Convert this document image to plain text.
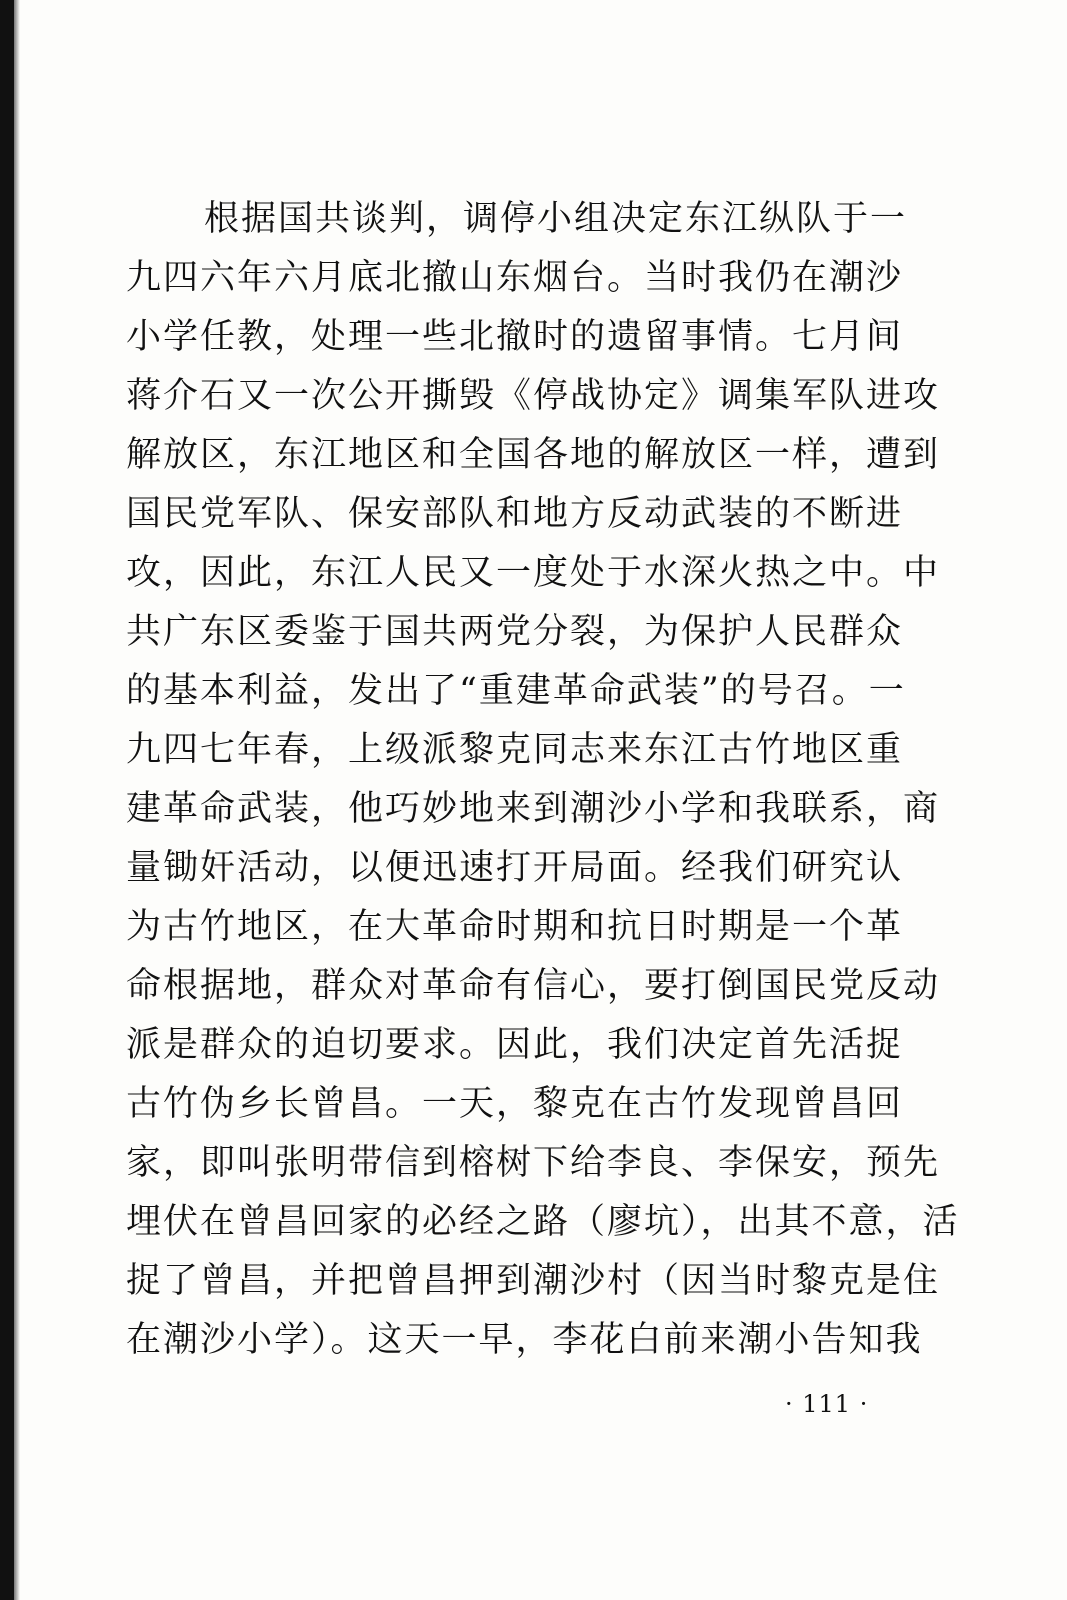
根据国共谈判，调停小组决定东江纵队于一
九四六年六月底北撤山东烟台。当时我仍在潮沙
小学任教，处理一些北撤时的遗留事情。七月间
蒋介石又一次公开撕毁《停战协定》调集军队进攻
解放区，东江地区和全国各地的解放区一样，遭到
国民党军队、保安部队和地方反动武装的不断进
攻，因此，东江人民又一度处于水深火热之中。中
共广东区委鉴于国共两党分裂，为保护人民群众
的基本利益，发出了“重建革命武装”的号召。一
九四七年春，上级派黎克同志来东江古竹地区重
建革命武装，他巧妙地来到潮沙小学和我联系，商
量锄奸活动，以便迅速打开局面。经我们研究认
为古竹地区，在大革命时期和抗日时期是一个革
命根据地，群众对革命有信心，要打倒国民党反动
派是群众的迫切要求。因此，我们决定首先活捉
古竹伪乡长曾昌。一天，黎克在古竹发现曾昌回
家，即叫张明带信到榕树下给李良、李保安，预先
埋伏在曾昌回家的必经之路（廖坑），出其不意，活
捉了曾昌，并把曾昌押到潮沙村（因当时黎克是住
在潮沙小学）。这天一早，李花白前来潮小告知我
· 111 ·
